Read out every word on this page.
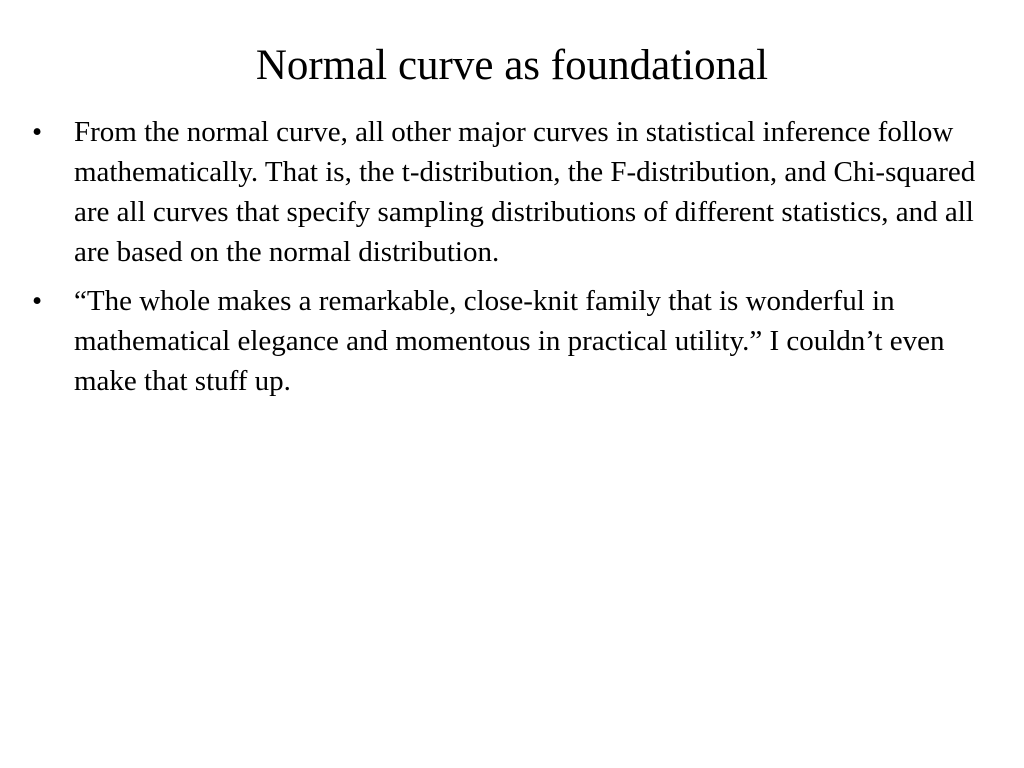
Normal curve as foundational
•	From the normal curve, all other major curves in statistical inference follow mathematically. That is, the t-distribution, the F-distribution, and Chi-squared are all curves that specify sampling distributions of different statistics, and all are based on the normal distribution.
•	“The whole makes a remarkable, close-knit family that is wonderful in mathematical elegance and momentous in practical utility.” I couldn’t even make that stuff up.
